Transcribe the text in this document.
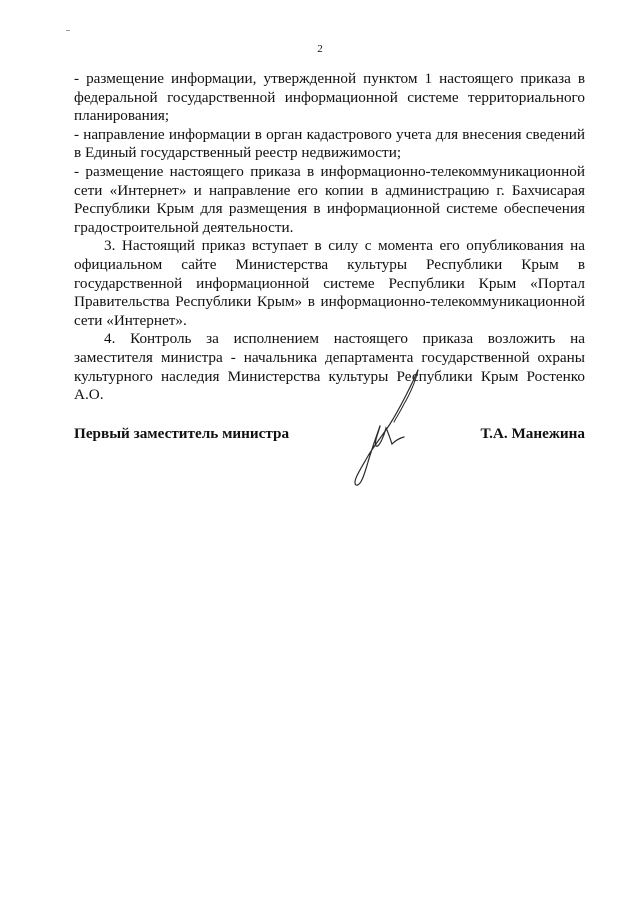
2

- размещение информации, утвержденной пунктом 1 настоящего приказа в федеральной государственной информационной системе территориального планирования;

- направление информации в орган кадастрового учета для внесения сведений в Единый государственный реестр недвижимости;

- размещение настоящего приказа в информационно-телекоммуникационной сети «Интернет» и направление его копии в администрацию г. Бахчисарая Республики Крым для размещения в информационной системе обеспечения градостроительной деятельности.

3. Настоящий приказ вступает в силу с момента его опубликования на официальном сайте Министерства культуры Республики Крым в государственной информационной системе Республики Крым «Портал Правительства Республики Крым» в информационно-телекоммуникационной сети «Интернет».

4. Контроль за исполнением настоящего приказа возложить на заместителя министра - начальника департамента государственной охраны культурного наследия Министерства культуры Республики Крым Ростенко А.О.

Первый заместитель министра	Т.А. Манежина
